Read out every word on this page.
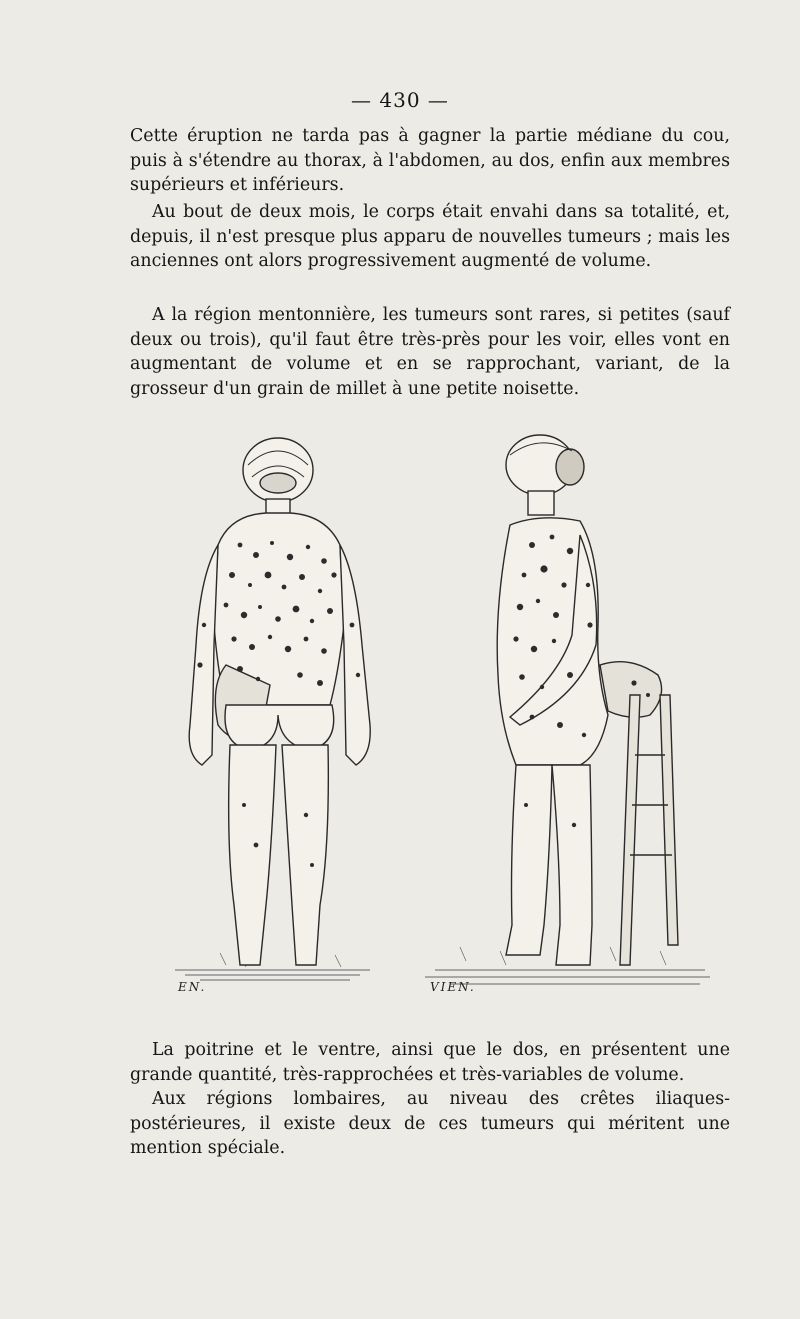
— 430 —

Cette éruption ne tarda pas à gagner la partie médiane du cou, puis à s'étendre au thorax, à l'abdomen, au dos, enfin aux membres supérieurs et inférieurs.

Au bout de deux mois, le corps était envahi dans sa totalité, et, depuis, il n'est presque plus apparu de nouvelles tumeurs ; mais les anciennes ont alors progressivement augmenté de volume.

A la région mentonnière, les tumeurs sont rares, si petites (sauf deux ou trois), qu'il faut être très-près pour les voir, elles vont en augmentant de volume et en se rapprochant, variant, de la grosseur d'un grain de millet à une petite noisette.

EN.	VIEN.

La poitrine et le ventre, ainsi que le dos, en présentent une grande quantité, très-rapprochées et très-variables de volume.

Aux régions lombaires, au niveau des crêtes iliaques-postérieures, il existe deux de ces tumeurs qui méritent une mention spéciale.
